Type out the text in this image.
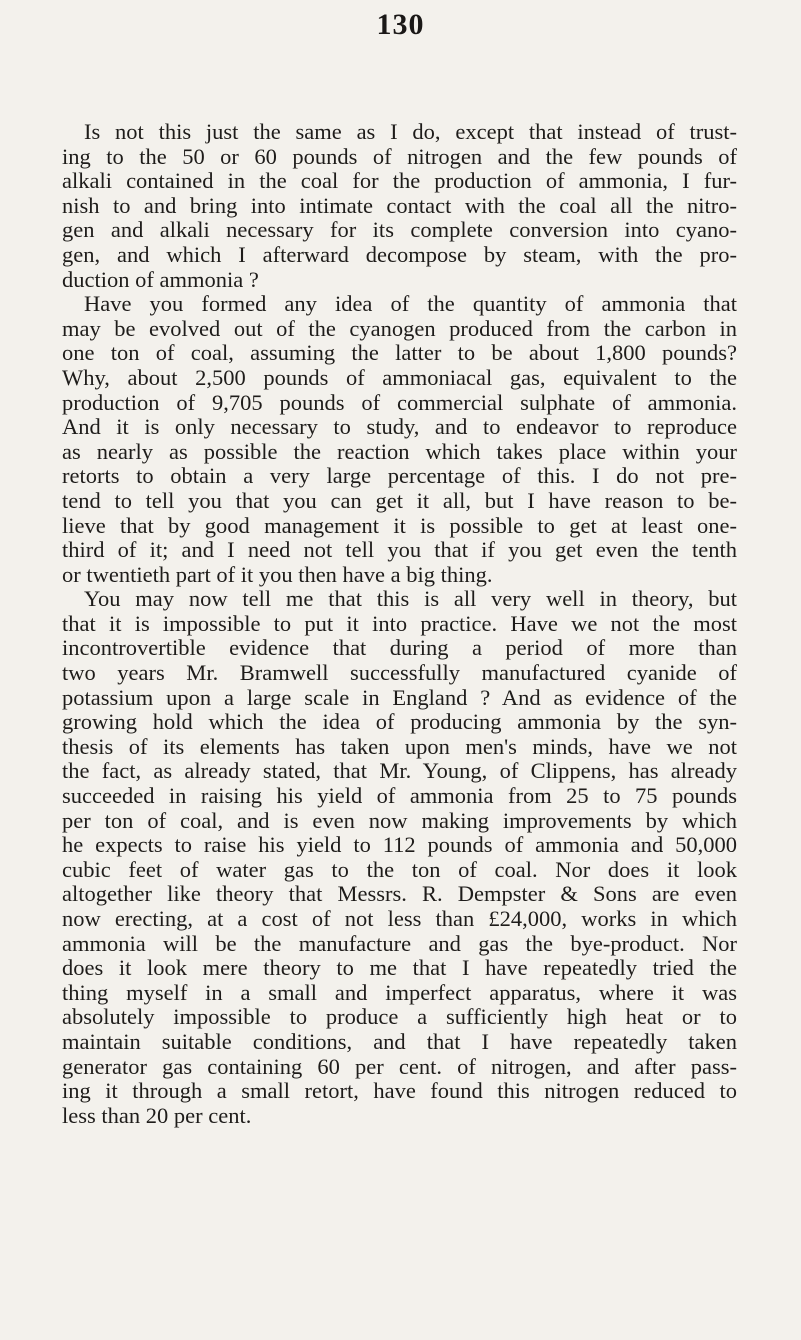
130
Is not this just the same as I do, except that instead of trust-
ing to the 50 or 60 pounds of nitrogen and the few pounds of
alkali contained in the coal for the production of ammonia, I fur-
nish to and bring into intimate contact with the coal all the nitro-
gen and alkali necessary for its complete conversion into cyano-
gen, and which I afterward decompose by steam, with the pro-
duction of ammonia ?
Have you formed any idea of the quantity of ammonia that
may be evolved out of the cyanogen produced from the carbon in
one ton of coal, assuming the latter to be about 1,800 pounds?
Why, about 2,500 pounds of ammoniacal gas, equivalent to the
production of 9,705 pounds of commercial sulphate of ammonia.
And it is only necessary to study, and to endeavor to reproduce
as nearly as possible the reaction which takes place within your
retorts to obtain a very large percentage of this. I do not pre-
tend to tell you that you can get it all, but I have reason to be-
lieve that by good management it is possible to get at least one-
third of it; and I need not tell you that if you get even the tenth
or twentieth part of it you then have a big thing.
You may now tell me that this is all very well in theory, but
that it is impossible to put it into practice. Have we not the most
incontrovertible evidence that during a period of more than
two years Mr. Bramwell successfully manufactured cyanide of
potassium upon a large scale in England ? And as evidence of the
growing hold which the idea of producing ammonia by the syn-
thesis of its elements has taken upon men's minds, have we not
the fact, as already stated, that Mr. Young, of Clippens, has already
succeeded in raising his yield of ammonia from 25 to 75 pounds
per ton of coal, and is even now making improvements by which
he expects to raise his yield to 112 pounds of ammonia and 50,000
cubic feet of water gas to the ton of coal. Nor does it look
altogether like theory that Messrs. R. Dempster & Sons are even
now erecting, at a cost of not less than £24,000, works in which
ammonia will be the manufacture and gas the bye-product. Nor
does it look mere theory to me that I have repeatedly tried the
thing myself in a small and imperfect apparatus, where it was
absolutely impossible to produce a sufficiently high heat or to
maintain suitable conditions, and that I have repeatedly taken
generator gas containing 60 per cent. of nitrogen, and after pass-
ing it through a small retort, have found this nitrogen reduced to
less than 20 per cent.
